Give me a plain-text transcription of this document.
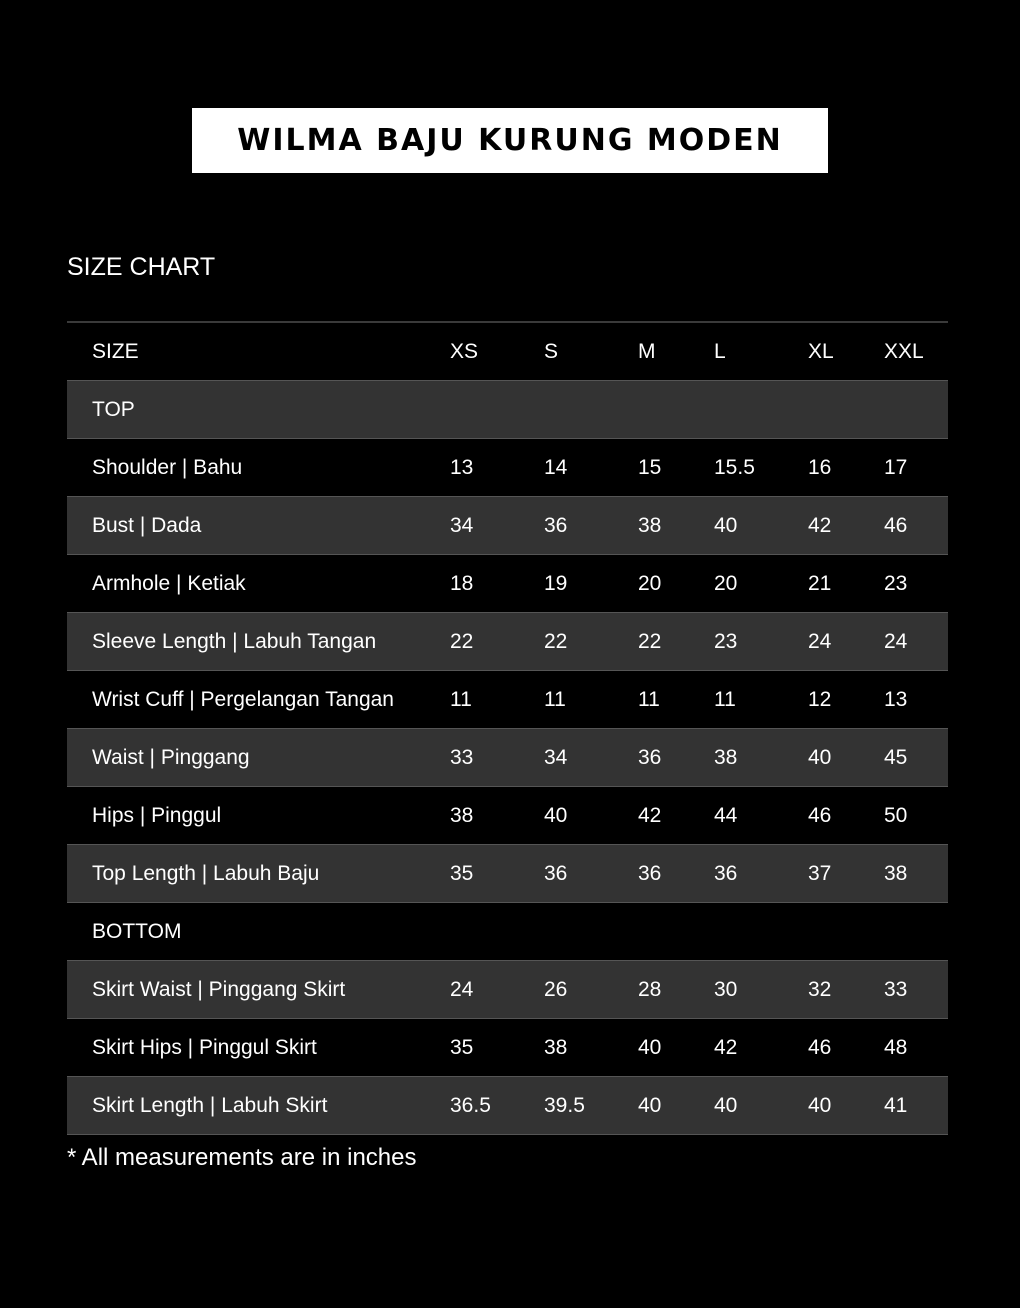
WILMA BAJU KURUNG MODEN
SIZE CHART
SIZE	XS	S	M	L	XL XXL
TOP
Shoulder | Bahu	13	14	15	15.5	16	17
Bust | Dada	34	36	38	40	42	46
Armhole | Ketiak	18	19	20	20	21	23
Sleeve Length | Labuh Tangan	22	22	22	23	24	24
Wrist Cuff | Pergelangan Tangan	11	11	11	11	12	13
Waist | Pinggang	33	34	36	38	40	45
Hips | Pinggul	38	40	42	44	46	50
Top Length | Labuh Baju	35	36	36	36	37	38
BOTTOM
Skirt Waist | Pinggang Skirt	24	26	28	30	32	33
Skirt Hips | Pinggul Skirt	35	38	40	42	46	48
Skirt Length | Labuh Skirt	36.5	39.5	40	40	40	41
* All measurements are in inches
